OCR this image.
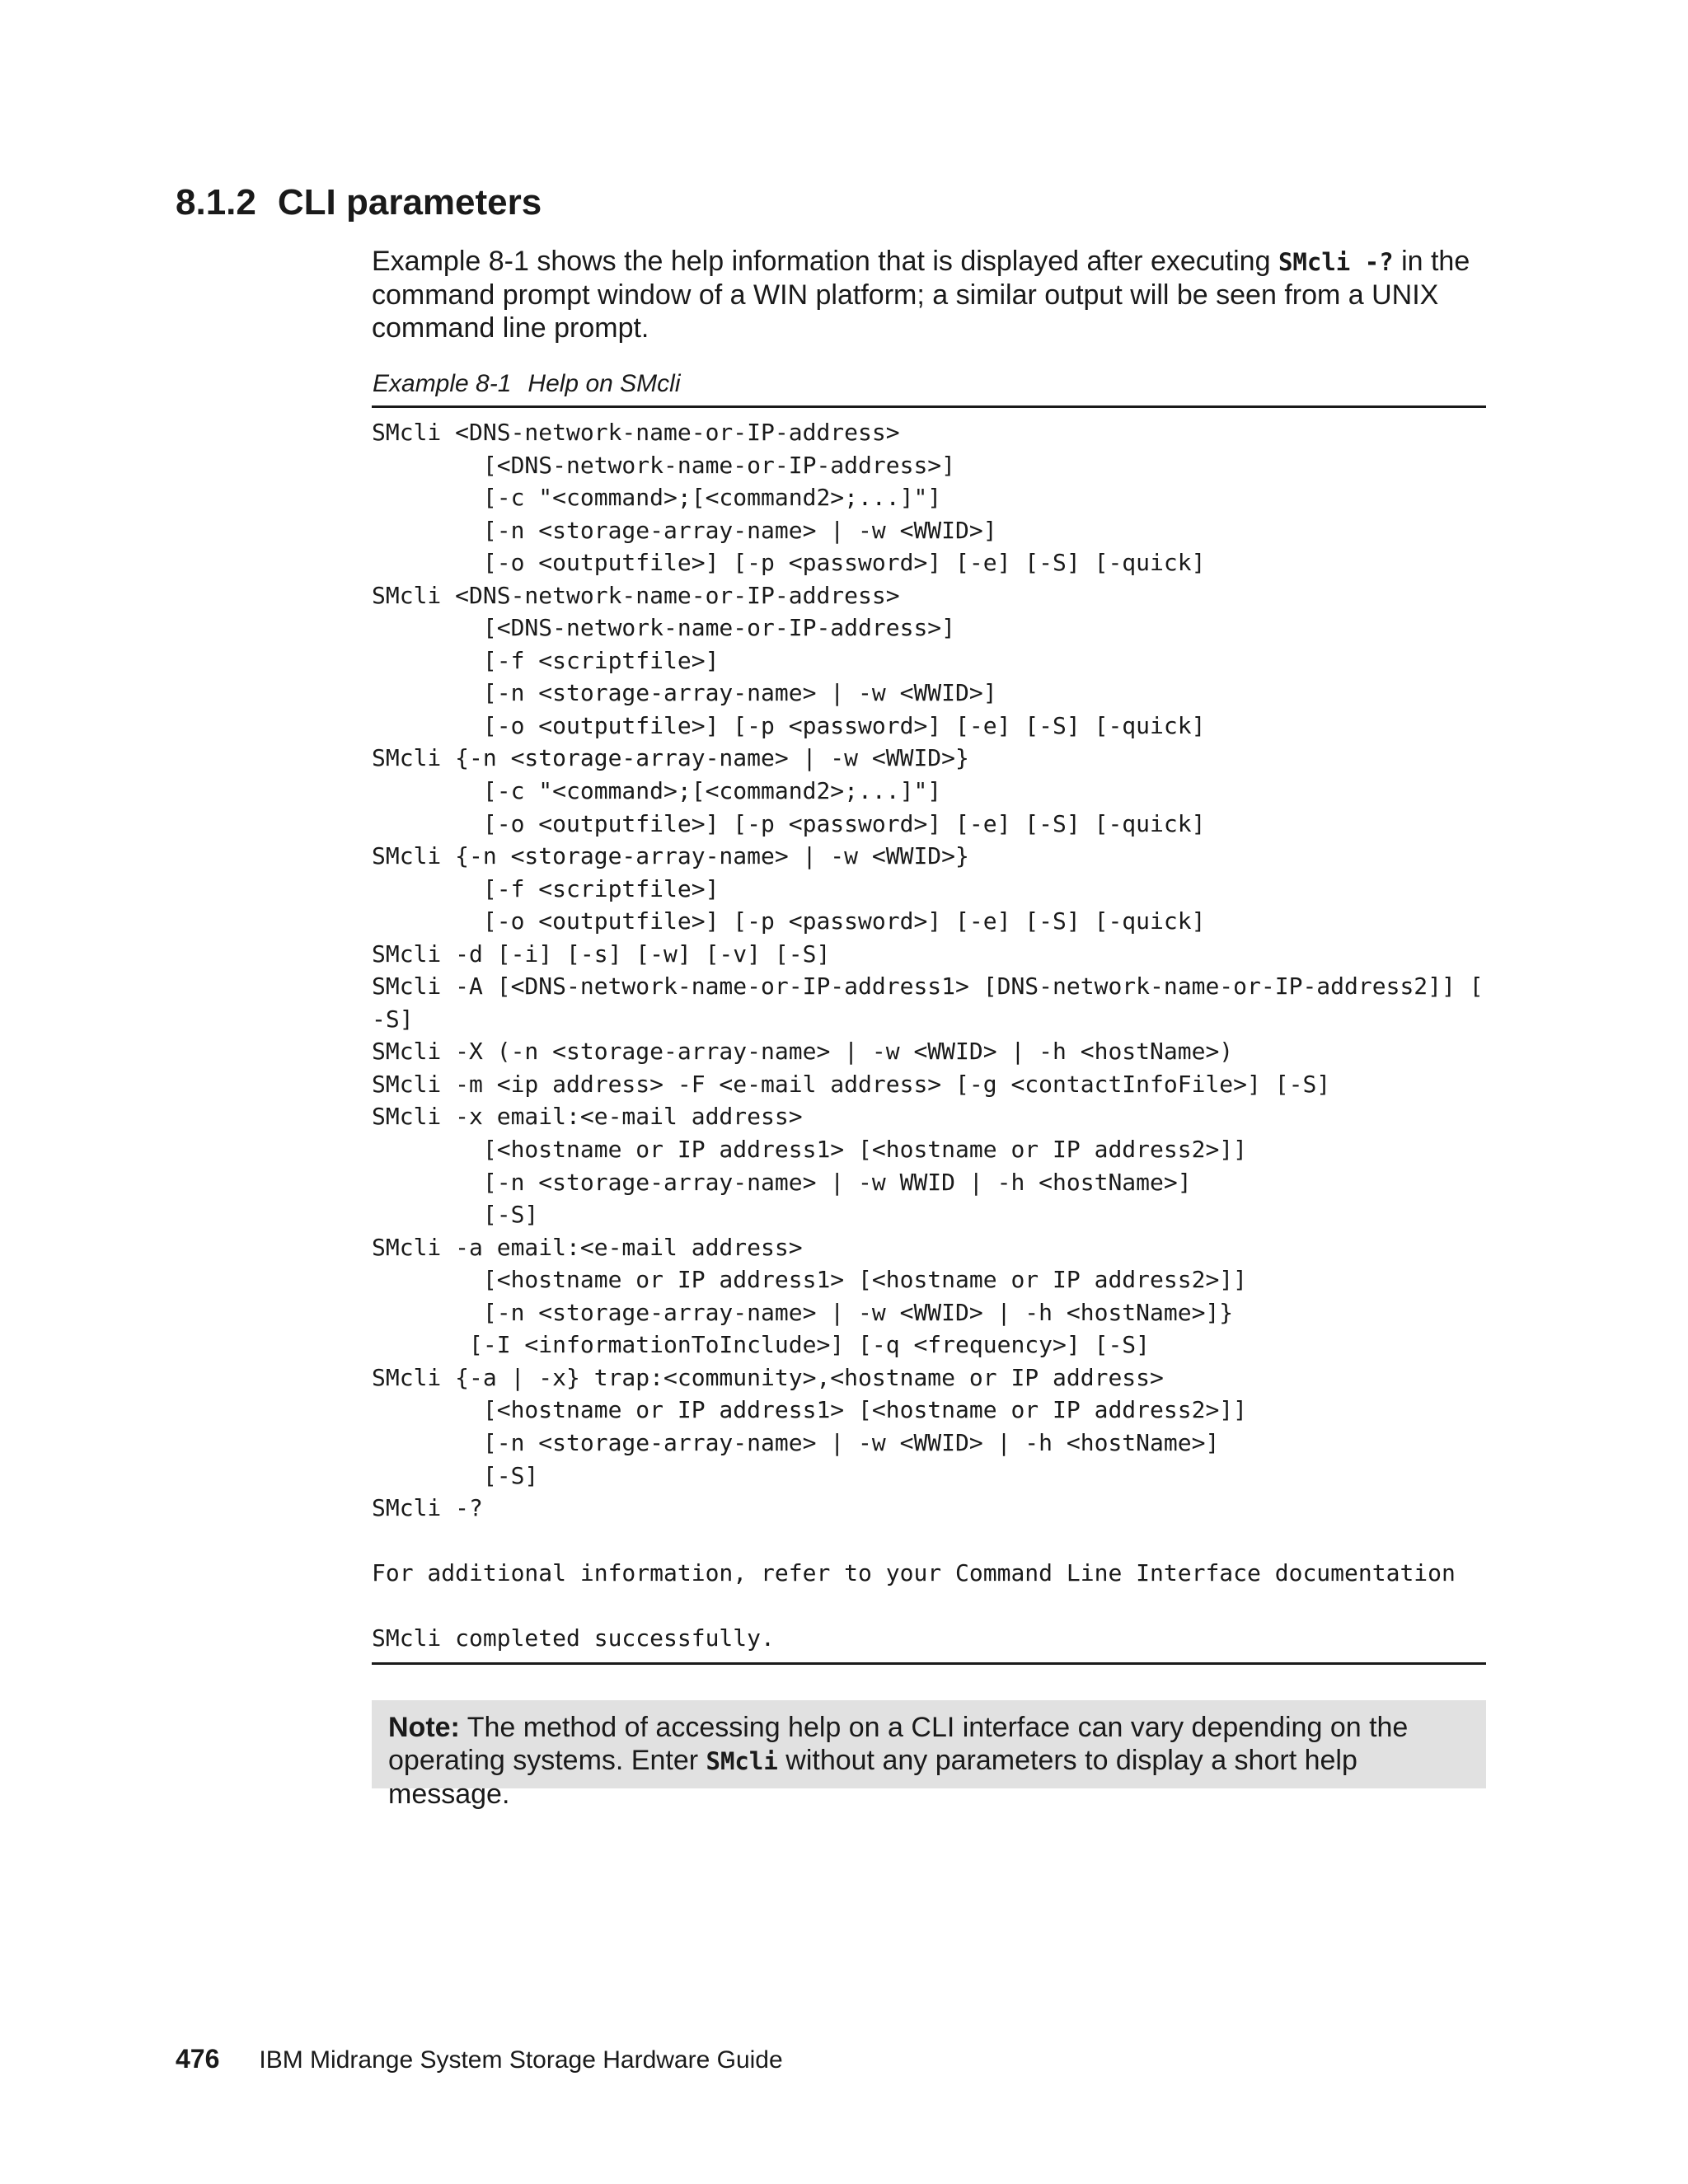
8.1.2 CLI parameters

Example 8-1 shows the help information that is displayed after executing SMcli -? in the command prompt window of a WIN platform; a similar output will be seen from a UNIX command line prompt.

Example 8-1 Help on SMcli

SMcli <DNS-network-name-or-IP-address>
[<DNS-network-name-or-IP-address>]
[-c "<command>;[<command2>;...]"]
[-n <storage-array-name> | -w <WWID>]
[-o <outputfile>] [-p <password>] [-e] [-S] [-quick]
SMcli <DNS-network-name-or-IP-address>
[<DNS-network-name-or-IP-address>]
[-f <scriptfile>]
[-n <storage-array-name> | -w <WWID>]
[-o <outputfile>] [-p <password>] [-e] [-S] [-quick]
SMcli {-n <storage-array-name> | -w <WWID>}
[-c "<command>;[<command2>;...]"]
[-o <outputfile>] [-p <password>] [-e] [-S] [-quick]
SMcli {-n <storage-array-name> | -w <WWID>}
[-f <scriptfile>]
[-o <outputfile>] [-p <password>] [-e] [-S] [-quick]
SMcli -d [-i] [-s] [-w] [-v] [-S]
SMcli -A [<DNS-network-name-or-IP-address1> [DNS-network-name-or-IP-address2]] [
-S]
SMcli -X (-n <storage-array-name> | -w <WWID> | -h <hostName>)
SMcli -m <ip address> -F <e-mail address> [-g <contactInfoFile>] [-S]
SMcli -x email:<e-mail address>
[<hostname or IP address1> [<hostname or IP address2>]]
[-n <storage-array-name> | -w WWID | -h <hostName>]
[-S]
SMcli -a email:<e-mail address>
[<hostname or IP address1> [<hostname or IP address2>]]
[-n <storage-array-name> | -w <WWID> | -h <hostName>]}
[-I <informationToInclude>] [-q <frequency>] [-S]
SMcli {-a | -x} trap:<community>,<hostname or IP address>
[<hostname or IP address1> [<hostname or IP address2>]]
[-n <storage-array-name> | -w <WWID> | -h <hostName>]
[-S]
SMcli -?
For additional information, refer to your Command Line Interface documentation
SMcli completed successfully.
Note: The method of accessing help on a CLI interface can vary depending on the operating systems. Enter SMcli without any parameters to display a short help message.
476 IBM Midrange System Storage Hardware Guide
